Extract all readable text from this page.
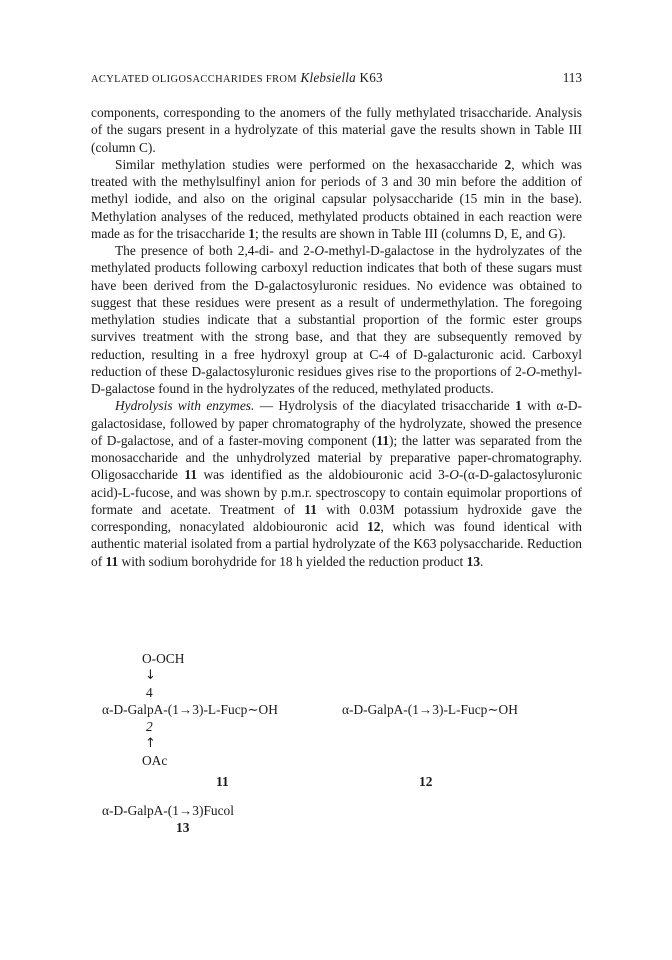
ACYLATED OLIGOSACCHARIDES FROM Klebsiella K63	113

components, corresponding to the anomers of the fully methylated trisaccharide. Analysis of the sugars present in a hydrolyzate of this material gave the results shown in Table III (column C).

Similar methylation studies were performed on the hexasaccharide 2, which was treated with the methylsulfinyl anion for periods of 3 and 30 min before the addition of methyl iodide, and also on the original capsular polysaccharide (15 min in the base). Methylation analyses of the reduced, methylated products obtained in each reaction were made as for the trisaccharide 1; the results are shown in Table III (columns D, E, and G).

The presence of both 2,4-di- and 2-O-methyl-D-galactose in the hydrolyzates of the methylated products following carboxyl reduction indicates that both of these sugars must have been derived from the D-galactosyluronic residues. No evidence was obtained to suggest that these residues were present as a result of undermethylation. The foregoing methylation studies indicate that a substantial proportion of the formic ester groups survives treatment with the strong base, and that they are subsequently removed by reduction, resulting in a free hydroxyl group at C-4 of D-galacturonic acid. Carboxyl reduction of these D-galactosyluronic residues gives rise to the proportions of 2-O-methyl-D-galactose found in the hydrolyzates of the reduced, methylated products.

Hydrolysis with enzymes. — Hydrolysis of the diacylated trisaccharide 1 with α-D-galactosidase, followed by paper chromatography of the hydrolyzate, showed the presence of D-galactose, and of a faster-moving component (11); the latter was separated from the monosaccharide and the unhydrolyzed material by preparative paper-chromatography. Oligosaccharide 11 was identified as the aldobiouronic acid 3-O-(α-D-galactosyluronic acid)-L-fucose, and was shown by p.m.r. spectroscopy to contain equimolar proportions of formate and acetate. Treatment of 11 with 0.03M potassium hydroxide gave the corresponding, nonacylated aldobiouronic acid 12, which was found identical with authentic material isolated from a partial hydrolyzate of the K63 polysaccharide. Reduction of 11 with sodium borohydride for 18 h yielded the reduction product 13.

O-OCH
↓
4
α-D-GalpA-(1→3)-L-Fucp∼OH	α-D-GalpA-(1→3)-L-Fucp∼OH
2
↑
OAc
11	12
α-D-GalpA-(1→3)Fucol
13
